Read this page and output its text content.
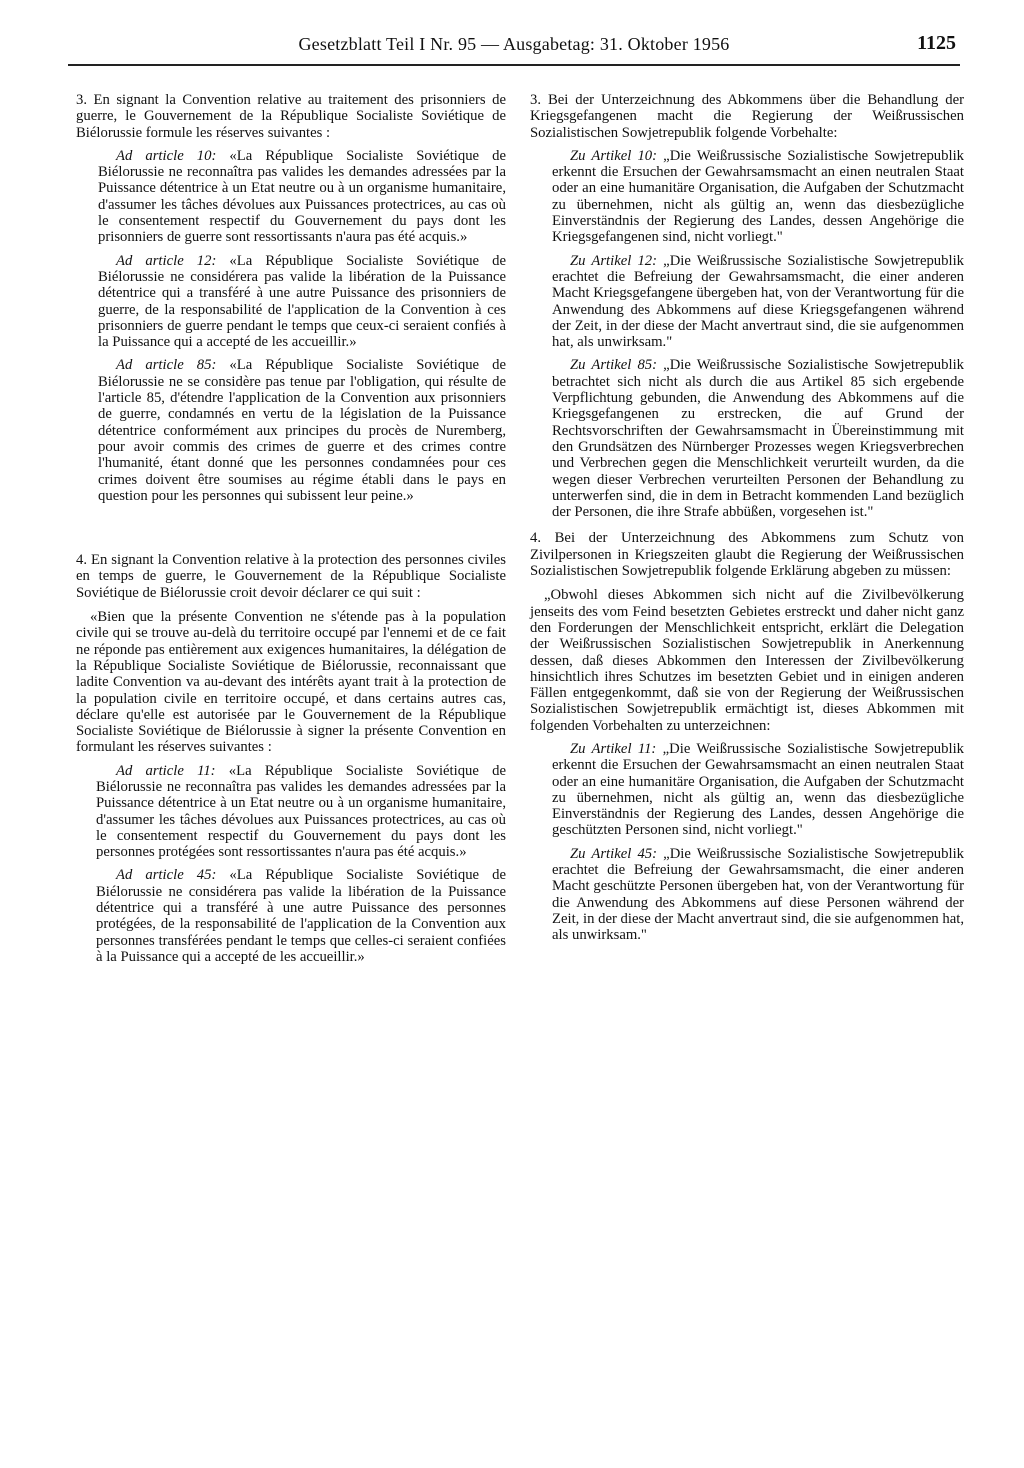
Gesetzblatt Teil I Nr. 95 — Ausgabetag: 31. Oktober 1956	1125

3. En signant la Convention relative au traitement des prisonniers de guerre, le Gouvernement de la République Socialiste Soviétique de Biélorussie formule les réserves suivantes :

Ad article 10: «La République Socialiste Soviétique de Biélorussie ne reconnaîtra pas valides les demandes adressées par la Puissance détentrice à un Etat neutre ou à un organisme humanitaire, d'assumer les tâches dévolues aux Puissances protectrices, au cas où le consentement respectif du Gouvernement du pays dont les prisonniers de guerre sont ressortissants n'aura pas été acquis.»

Ad article 12: «La République Socialiste Soviétique de Biélorussie ne considérera pas valide la libération de la Puissance détentrice qui a transféré à une autre Puissance des prisonniers de guerre, de la responsabilité de l'application de la Convention à ces prisonniers de guerre pendant le temps que ceux-ci seraient confiés à la Puissance qui a accepté de les accueillir.»

Ad article 85: «La République Socialiste Soviétique de Biélorussie ne se considère pas tenue par l'obligation, qui résulte de l'article 85, d'étendre l'application de la Convention aux prisonniers de guerre, condamnés en vertu de la législation de la Puissance détentrice conformément aux principes du procès de Nuremberg, pour avoir commis des crimes de guerre et des crimes contre l'humanité, étant donné que les personnes condamnées pour ces crimes doivent être soumises au régime établi dans le pays en question pour les personnes qui subissent leur peine.»

4. En signant la Convention relative à la protection des personnes civiles en temps de guerre, le Gouvernement de la République Socialiste Soviétique de Biélorussie croit devoir déclarer ce qui suit :

«Bien que la présente Convention ne s'étende pas à la population civile qui se trouve au-delà du territoire occupé par l'ennemi et de ce fait ne réponde pas entièrement aux exigences humanitaires, la délégation de la République Socialiste Soviétique de Biélorussie, reconnaissant que ladite Convention va au-devant des intérêts ayant trait à la protection de la population civile en territoire occupé, et dans certains autres cas, déclare qu'elle est autorisée par le Gouvernement de la République Socialiste Soviétique de Biélorussie à signer la présente Convention en formulant les réserves suivantes :

Ad article 11: «La République Socialiste Soviétique de Biélorussie ne reconnaîtra pas valides les demandes adressées par la Puissance détentrice à un Etat neutre ou à un organisme humanitaire, d'assumer les tâches dévolues aux Puissances protectrices, au cas où le consentement respectif du Gouvernement du pays dont les personnes protégées sont ressortissantes n'aura pas été acquis.»

Ad article 45: «La République Socialiste Soviétique de Biélorussie ne considérera pas valide la libération de la Puissance détentrice qui a transféré à une autre Puissance des personnes protégées, de la responsabilité de l'application de la Convention aux personnes transférées pendant le temps que celles-ci seraient confiées à la Puissance qui a accepté de les accueillir.»

3. Bei der Unterzeichnung des Abkommens über die Behandlung der Kriegsgefangenen macht die Regierung der Weißrussischen Sozialistischen Sowjetrepublik folgende Vorbehalte:

Zu Artikel 10: „Die Weißrussische Sozialistische Sowjetrepublik erkennt die Ersuchen der Gewahrsamsmacht an einen neutralen Staat oder an eine humanitäre Organisation, die Aufgaben der Schutzmacht zu übernehmen, nicht als gültig an, wenn das diesbezügliche Einverständnis der Regierung des Landes, dessen Angehörige die Kriegsgefangenen sind, nicht vorliegt."

Zu Artikel 12: „Die Weißrussische Sozialistische Sowjetrepublik erachtet die Befreiung der Gewahrsamsmacht, die einer anderen Macht Kriegsgefangene übergeben hat, von der Verantwortung für die Anwendung des Abkommens auf diese Kriegsgefangenen während der Zeit, in der diese der Macht anvertraut sind, die sie aufgenommen hat, als unwirksam."

Zu Artikel 85: „Die Weißrussische Sozialistische Sowjetrepublik betrachtet sich nicht als durch die aus Artikel 85 sich ergebende Verpflichtung gebunden, die Anwendung des Abkommens auf die Kriegsgefangenen zu erstrecken, die auf Grund der Rechtsvorschriften der Gewahrsamsmacht in Übereinstimmung mit den Grundsätzen des Nürnberger Prozesses wegen Kriegsverbrechen und Verbrechen gegen die Menschlichkeit verurteilt wurden, da die wegen dieser Verbrechen verurteilten Personen der Behandlung zu unterwerfen sind, die in dem in Betracht kommenden Land bezüglich der Personen, die ihre Strafe abbüßen, vorgesehen ist."

4. Bei der Unterzeichnung des Abkommens zum Schutz von Zivilpersonen in Kriegszeiten glaubt die Regierung der Weißrussischen Sozialistischen Sowjetrepublik folgende Erklärung abgeben zu müssen:

„Obwohl dieses Abkommen sich nicht auf die Zivilbevölkerung jenseits des vom Feind besetzten Gebietes erstreckt und daher nicht ganz den Forderungen der Menschlichkeit entspricht, erklärt die Delegation der Weißrussischen Sozialistischen Sowjetrepublik in Anerkennung dessen, daß dieses Abkommen den Interessen der Zivilbevölkerung hinsichtlich ihres Schutzes im besetzten Gebiet und in einigen anderen Fällen entgegenkommt, daß sie von der Regierung der Weißrussischen Sozialistischen Sowjetrepublik ermächtigt ist, dieses Abkommen mit folgenden Vorbehalten zu unterzeichnen:

Zu Artikel 11: „Die Weißrussische Sozialistische Sowjetrepublik erkennt die Ersuchen der Gewahrsamsmacht an einen neutralen Staat oder an eine humanitäre Organisation, die Aufgaben der Schutzmacht zu übernehmen, nicht als gültig an, wenn das diesbezügliche Einverständnis der Regierung des Landes, dessen Angehörige die geschützten Personen sind, nicht vorliegt."

Zu Artikel 45: „Die Weißrussische Sozialistische Sowjetrepublik erachtet die Befreiung der Gewahrsamsmacht, die einer anderen Macht geschützte Personen übergeben hat, von der Verantwortung für die Anwendung des Abkommens auf diese Personen während der Zeit, in der diese der Macht anvertraut sind, die sie aufgenommen hat, als unwirksam."
